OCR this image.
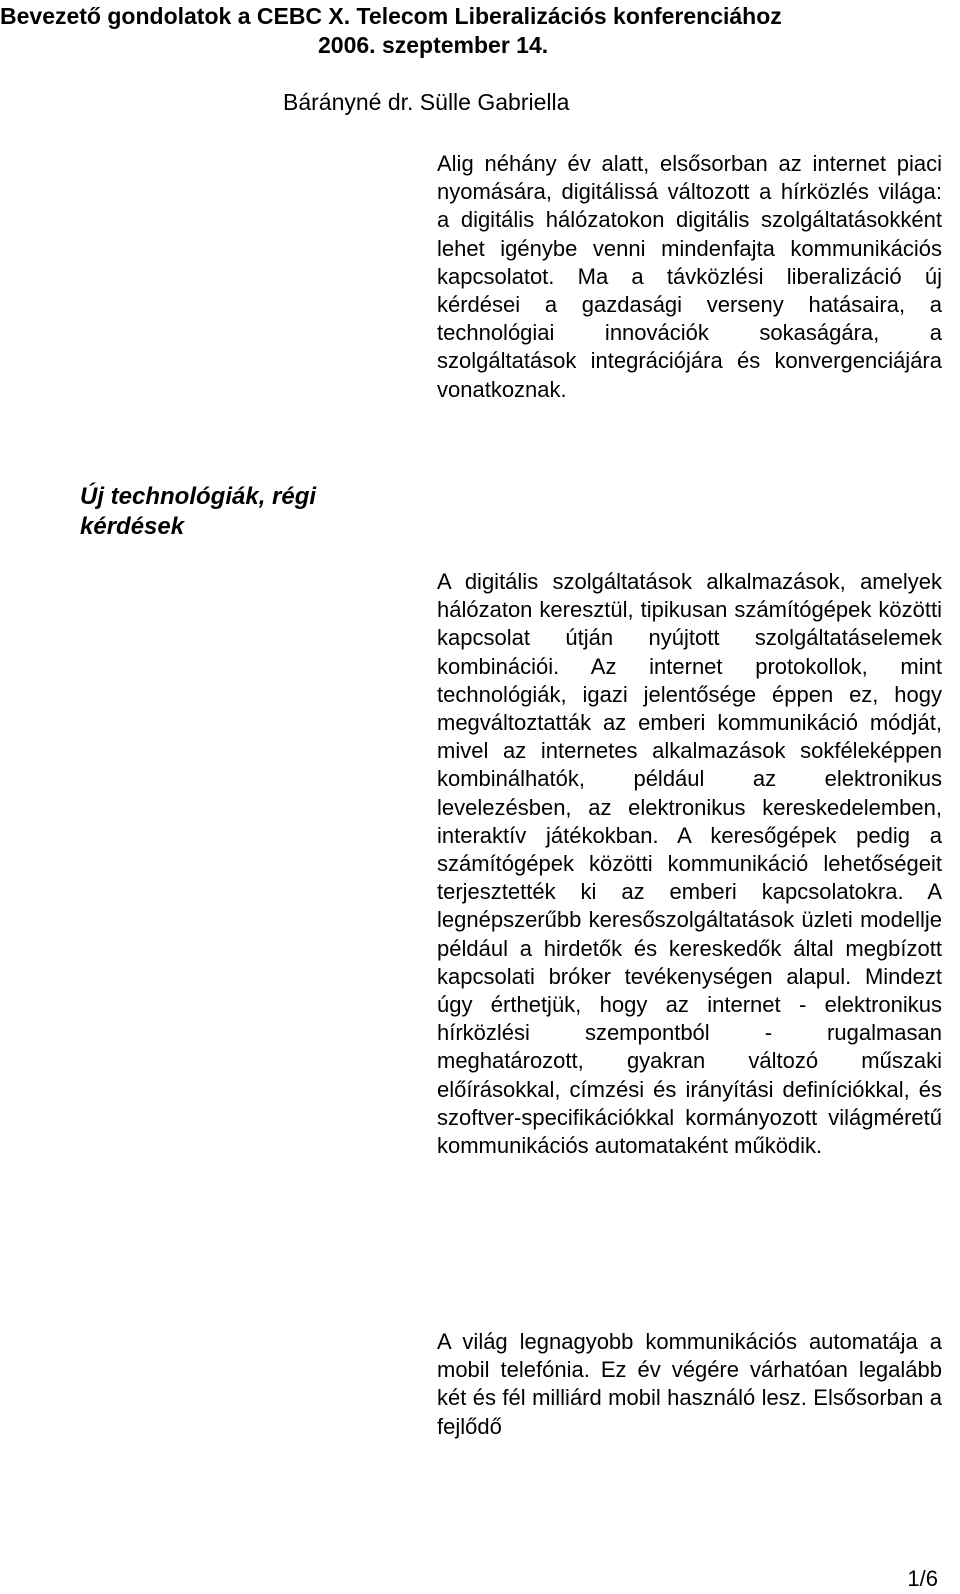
Bevezető gondolatok a CEBC X. Telecom Liberalizációs konferenciához
2006. szeptember 14.
Bárányné dr. Sülle Gabriella
Új technológiák, régi kérdések

Alig néhány év alatt, elsősorban az internet piaci nyomására, digitálissá változott a hírközlés világa: a digitális hálózatokon digitális szolgáltatásokként lehet igénybe venni mindenfajta kommunikációs kapcsolatot. Ma a távközlési liberalizáció új kérdései a gazdasági verseny hatásaira, a technológiai innovációk sokaságára, a szolgáltatások integrációjára és konvergenciájára vonatkoznak.

A digitális szolgáltatások alkalmazások, amelyek hálózaton keresztül, tipikusan számítógépek közötti kapcsolat útján nyújtott szolgáltatáselemek kombinációi. Az internet protokollok, mint technológiák, igazi jelentősége éppen ez, hogy megváltoztatták az emberi kommunikáció módját, mivel az internetes alkalmazások sokféleképpen kombinálhatók, például az elektronikus levelezésben, az elektronikus kereskedelemben, interaktív játékokban. A keresőgépek pedig a számítógépek közötti kommunikáció lehetőségeit terjesztették ki az emberi kapcsolatokra. A legnépszerűbb keresőszolgáltatások üzleti modellje például a hirdetők és kereskedők által megbízott kapcsolati bróker tevékenységen alapul. Mindezt úgy érthetjük, hogy az internet - elektronikus hírközlési szempontból - rugalmasan meghatározott, gyakran változó műszaki előírásokkal, címzési és irányítási definíciókkal, és szoftver-specifikációkkal kormányozott világméretű kommunikációs automataként működik.

A világ legnagyobb kommunikációs automatája a mobil telefónia. Ez év végére várhatóan legalább két és fél milliárd mobil használó lesz. Elsősorban a fejlődő

1/6
